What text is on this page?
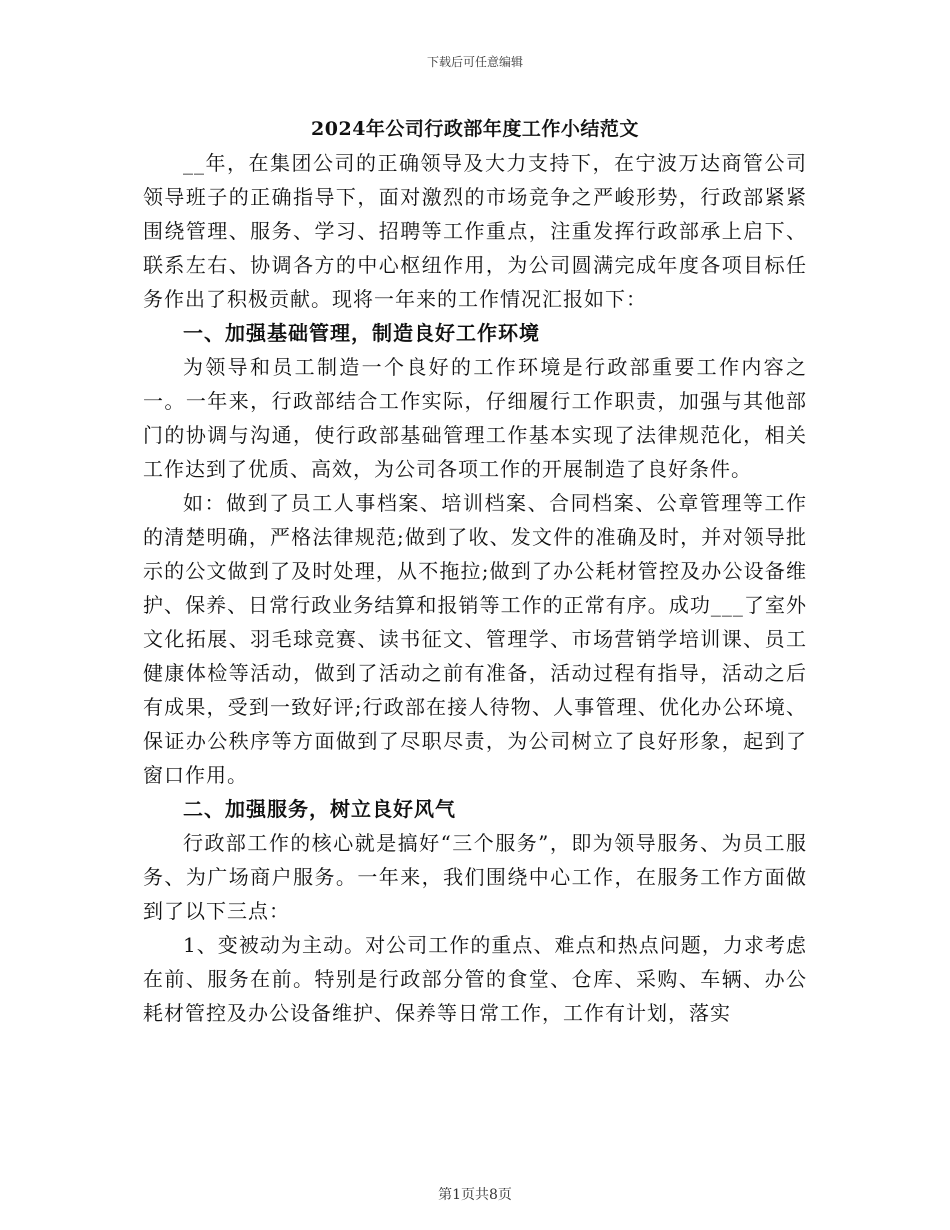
下载后可任意编辑

2024年公司行政部年度工作小结范文

__年，在集团公司的正确领导及大力支持下，在宁波万达商管公司领导班子的正确指导下，面对激烈的市场竞争之严峻形势，行政部紧紧围绕管理、服务、学习、招聘等工作重点，注重发挥行政部承上启下、联系左右、协调各方的中心枢纽作用，为公司圆满完成年度各项目标任务作出了积极贡献。现将一年来的工作情况汇报如下：

一、加强基础管理，制造良好工作环境

为领导和员工制造一个良好的工作环境是行政部重要工作内容之一。一年来，行政部结合工作实际，仔细履行工作职责，加强与其他部门的协调与沟通，使行政部基础管理工作基本实现了法律规范化，相关工作达到了优质、高效，为公司各项工作的开展制造了良好条件。

如：做到了员工人事档案、培训档案、合同档案、公章管理等工作的清楚明确，严格法律规范;做到了收、发文件的准确及时，并对领导批示的公文做到了及时处理，从不拖拉;做到了办公耗材管控及办公设备维护、保养、日常行政业务结算和报销等工作的正常有序。成功___了室外文化拓展、羽毛球竞赛、读书征文、管理学、市场营销学培训课、员工健康体检等活动，做到了活动之前有准备，活动过程有指导，活动之后有成果，受到一致好评;行政部在接人待物、人事管理、优化办公环境、保证办公秩序等方面做到了尽职尽责，为公司树立了良好形象，起到了窗口作用。

二、加强服务，树立良好风气

行政部工作的核心就是搞好“三个服务”，即为领导服务、为员工服务、为广场商户服务。一年来，我们围绕中心工作，在服务工作方面做到了以下三点：

1、变被动为主动。对公司工作的重点、难点和热点问题，力求考虑在前、服务在前。特别是行政部分管的食堂、仓库、采购、车辆、办公耗材管控及办公设备维护、保养等日常工作，工作有计划，落实

第1页共8页
